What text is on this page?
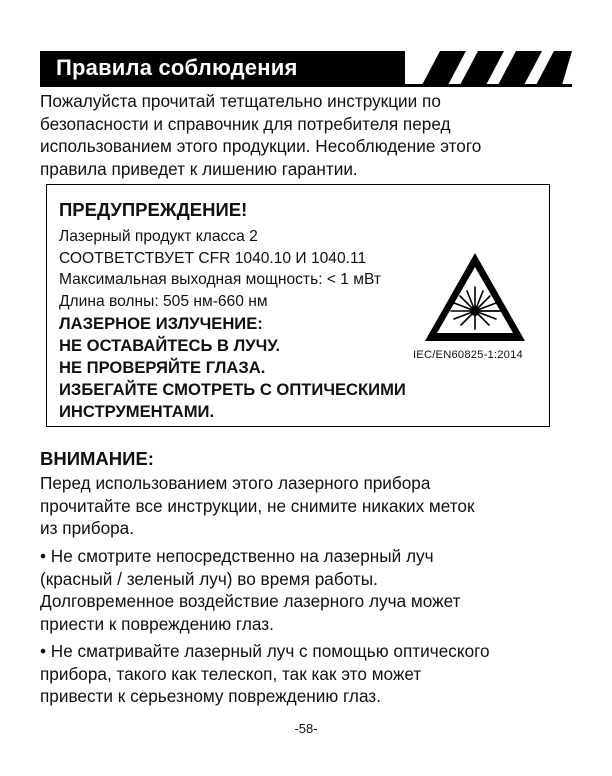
Правила соблюдения

Пожалуйста прочитай тетщательно инструкции по
безопасности и справочник для потребителя перед
использованием этого продукции. Несоблюдение этого
правила приведет к лишению гарантии.

ПРЕДУПРЕЖДЕНИЕ!

Лазерный продукт класса 2
СООТВЕТСТВУЕТ CFR 1040.10 И 1040.11
Максимальная выходная мощность: < 1 мВт
Длина волны: 505 нм-660 нм
ЛАЗЕРНОЕ ИЗЛУЧЕНИЕ:
НЕ ОСТАВАЙТЕСЬ В ЛУЧУ.
НЕ ПРОВЕРЯЙТЕ ГЛАЗА.
ИЗБЕГАЙТЕ СМОТРЕТЬ С ОПТИЧЕСКИМИ
ИНСТРУМЕНТАМИ.
IEC/EN60825-1:2014

ВНИМАНИЕ:

Перед использованием этого лазерного прибора
прочитайте все инструкции, не снимите никаких меток
из прибора.

• Не смотрите непосредственно на лазерный луч
(красный / зеленый луч) во время работы.
Долговременное воздействие лазерного луча может
приести к повреждению глаз.

• Не сматривайте лазерный луч с помощью оптического
прибора, такого как телескоп, так как это может
привести к серьезному повреждению глаз.

-58-
